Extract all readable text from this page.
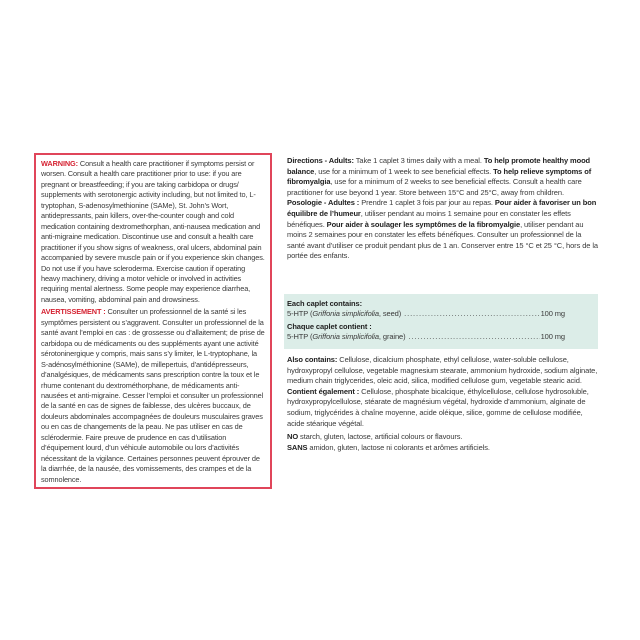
WARNING: Consult a health care practitioner if symptoms persist or worsen. Consult a health care practitioner prior to use: if you are pregnant or breastfeeding; if you are taking carbidopa or drugs/ supplements with serotonergic activity including, but not limited to, L-tryptophan, S-adenosylmethionine (SAMe), St. John’s Wort, antidepressants, pain killers, over-the-counter cough and cold medication containing dextromethorphan, anti-nausea medication and anti-migraine medication. Discontinue use and consult a health care practitioner if you show signs of weakness, oral ulcers, abdominal pain accompanied by severe muscle pain or if you experience skin changes. Do not use if you have scleroderma. Exercise caution if operating heavy machinery, driving a motor vehicle or involved in activities requiring mental alertness. Some people may experience diarrhea, nausea, vomiting, abdominal pain and drowsiness.

AVERTISSEMENT : Consulter un professionnel de la santé si les symptômes persistent ou s’aggravent. Consulter un professionnel de la santé avant l’emploi en cas : de grossesse ou d’allaitement; de prise de carbidopa ou de médicaments ou des suppléments ayant une activité sérotoninergique y compris, mais sans s’y limiter, le L-tryptophane, la S-adénosylméthionine (SAMe), de millepertuis, d’antidépresseurs, d’analgésiques, de médicaments sans prescription contre la toux et le rhume contenant du dextrométhorphane, de médicaments anti-nausées et anti-migraine. Cesser l’emploi et consulter un professionnel de la santé en cas de signes de faiblesse, des ulcères buccaux, de douleurs abdominales accompagnées de douleurs musculaires graves ou en cas de changements de la peau. Ne pas utiliser en cas de sclérodermie. Faire preuve de prudence en cas d’utilisation d’équipement lourd, d’un véhicule automobile ou lors d’activités nécessitant de la vigilance. Certaines personnes peuvent éprouver de la diarrhée, de la nausée, des vomissements, des crampes et de la somnolence.

Directions - Adults: Take 1 caplet 3 times daily with a meal. To help promote healthy mood balance, use for a minimum of 1 week to see beneficial effects. To help relieve symptoms of fibromyalgia, use for a minimum of 2 weeks to see beneficial effects. Consult a health care practitioner for use beyond 1 year. Store between 15°C and 25°C, away from children.

Posologie - Adultes : Prendre 1 caplet 3 fois par jour au repas. Pour aider à favoriser un bon équilibre de l’humeur, utiliser pendant au moins 1 semaine pour en constater les effets bénéfiques. Pour aider à soulager les symptômes de la fibromyalgie, utiliser pendant au moins 2 semaines pour en constater les effets bénéfiques. Consulter un professionnel de la santé avant d’utiliser ce produit pendant plus de 1 an. Conserver entre 15 °C et 25 °C, hors de la portée des enfants.

Each caplet contains:
5-HTP (Griffonia simplicifolia, seed) . . .	100 mg
Chaque caplet contient :
5-HTP (Griffonia simplicifolia, graine) . . .	100 mg

Also contains: Cellulose, dicalcium phosphate, ethyl cellulose, water-soluble cellulose, hydroxypropyl cellulose, vegetable magnesium stearate, ammonium hydroxide, sodium alginate, medium chain triglycerides, oleic acid, silica, modified cellulose gum, vegetable stearic acid.

Contient également : Cellulose, phosphate bicalcique, éthylcellulose, cellulose hydrosoluble, hydroxypropylcellulose, stéarate de magnésium végétal, hydroxide d’ammonium, alginate de sodium, triglycérides à chaîne moyenne, acide oléique, silice, gomme de cellulose modifiée, acide stéarique végétal.

NO starch, gluten, lactose, artificial colours or flavours.

SANS amidon, gluten, lactose ni colorants et arômes artificiels.
